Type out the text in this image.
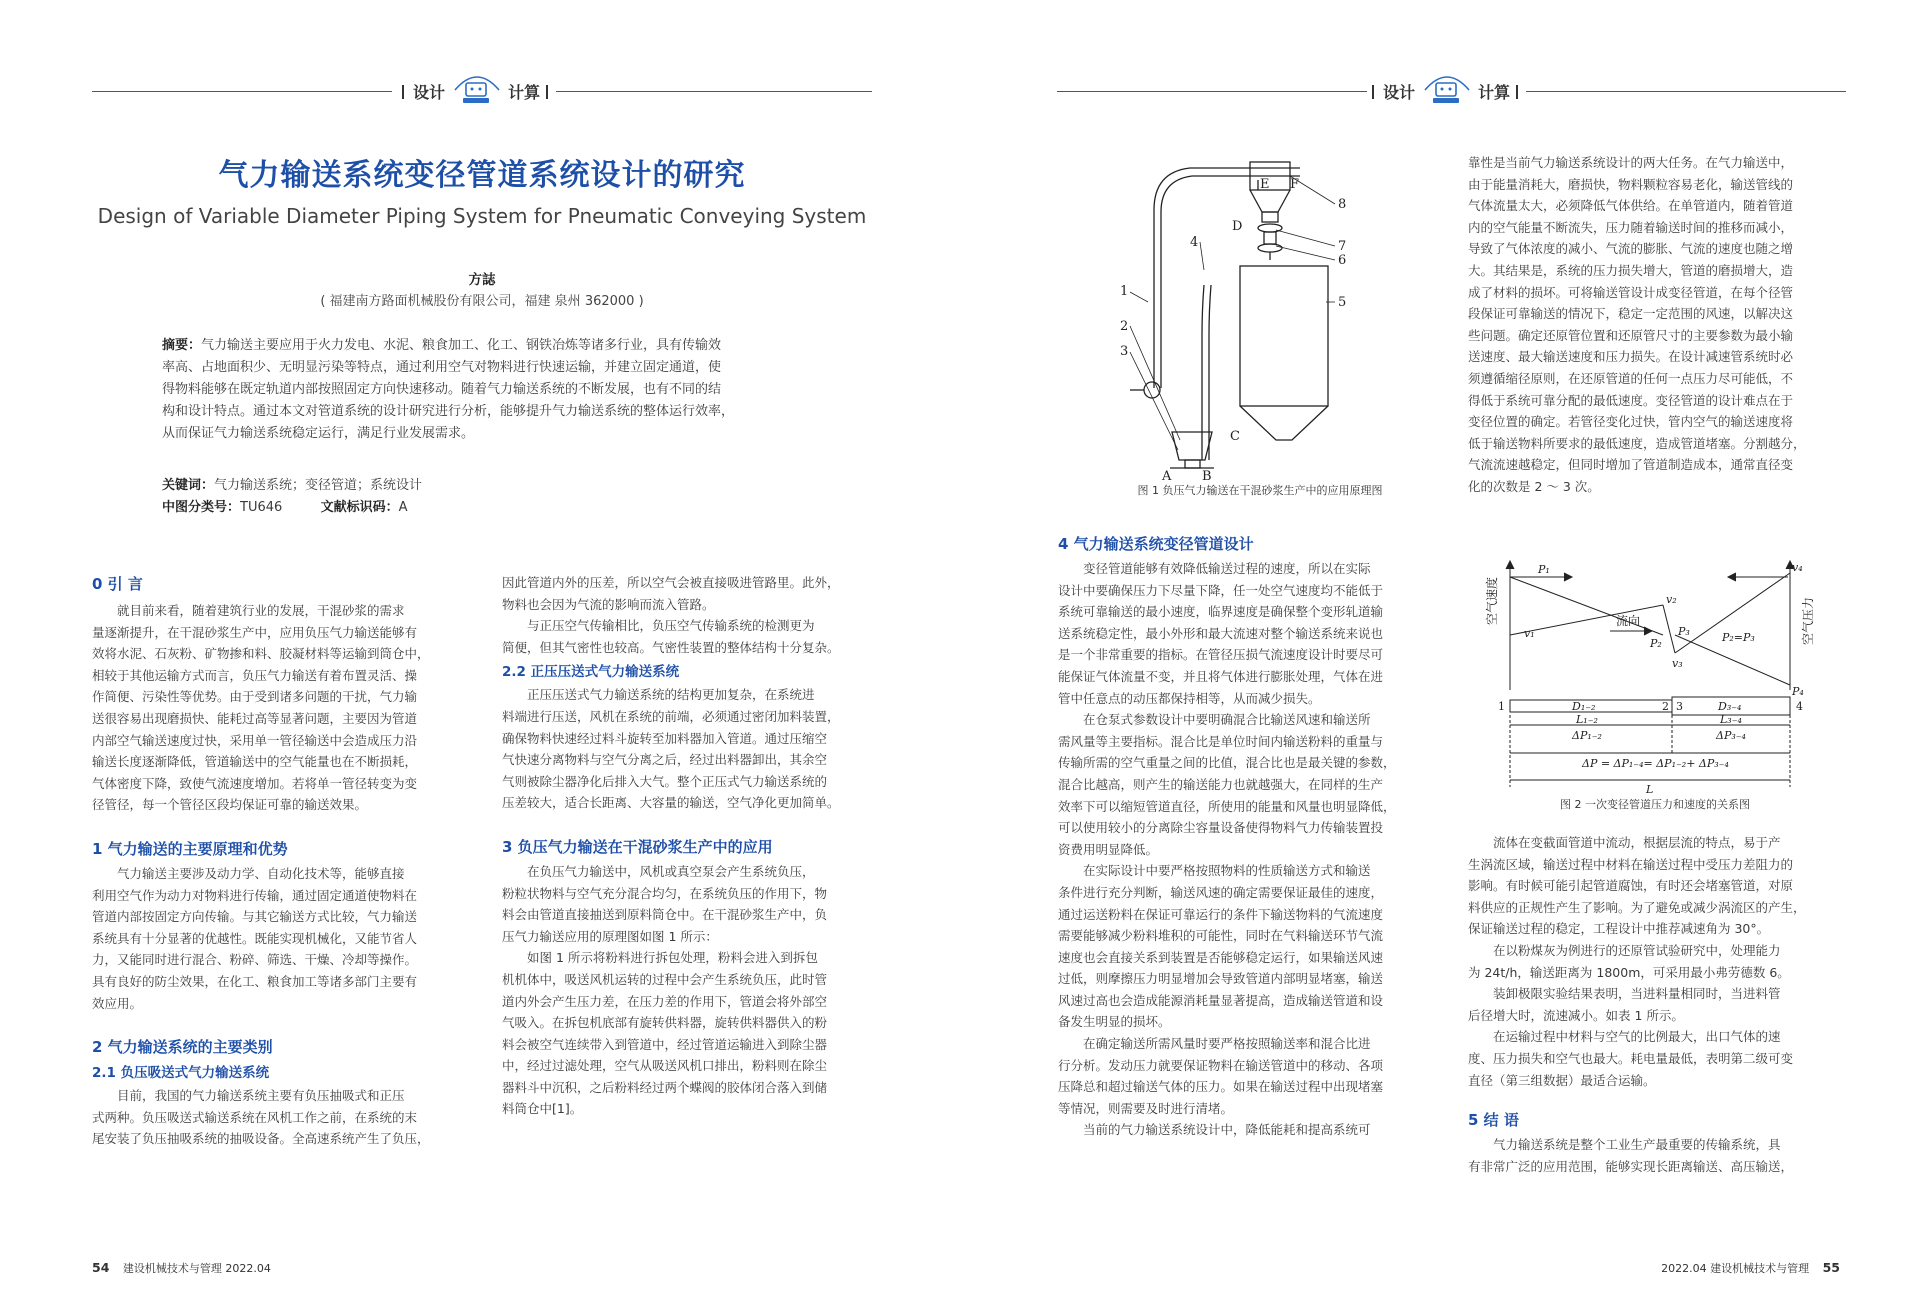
设计	计算	设计	计算
气力输送系统变径管道系统设计的研究
Design of Variable Diameter Piping System for Pneumatic Conveying System
方誌
( 福建南方路面机械股份有限公司，福建 泉州 362000 )
摘要：气力输送主要应用于火力发电、水泥、粮食加工、化工、钢铁冶炼等诸多行业，具有传输效
率高、占地面积少、无明显污染等特点，通过利用空气对物料进行快速运输，并建立固定通道，使
得物料能够在既定轨道内部按照固定方向快速移动。随着气力输送系统的不断发展，也有不同的结
构和设计特点。通过本文对管道系统的设计研究进行分析，能够提升气力输送系统的整体运行效率，
从而保证气力输送系统稳定运行，满足行业发展需求。
关键词：气力输送系统；变径管道；系统设计
中图分类号：TU646	文献标识码：A
0 引 言

就目前来看，随着建筑行业的发展，干混砂浆的需求

量逐渐提升，在干混砂浆生产中，应用负压气力输送能够有
效将水泥、石灰粉、矿物掺和料、胶凝材料等运输到筒仓中，
相较于其他运输方式而言，负压气力输送有着布置灵活、操
作简便、污染性等优势。由于受到诸多问题的干扰，气力输
送很容易出现磨损快、能耗过高等显著问题，主要因为管道
内部空气输送速度过快，采用单一管径输送中会造成压力沿
输送长度逐渐降低，管道输送中的空气能量也在不断损耗，
气体密度下降，致使气流速度增加。若将单一管径转变为变
径管径，每一个管径区段均保证可靠的输送效果。
1 气力输送的主要原理和优势

气力输送主要涉及动力学、自动化技术等，能够直接

利用空气作为动力对物料进行传输，通过固定通道使物料在
管道内部按固定方向传输。与其它输送方式比较，气力输送
系统具有十分显著的优越性。既能实现机械化，又能节省人
力，又能同时进行混合、粉碎、筛选、干燥、冷却等操作。
具有良好的防尘效果，在化工、粮食加工等诸多部门主要有
效应用。
2 气力输送系统的主要类别
2.1 负压吸送式气力输送系统

目前，我国的气力输送系统主要有负压抽吸式和正压

式两种。负压吸送式输送系统在风机工作之前，在系统的末
尾安装了负压抽吸系统的抽吸设备。全高速系统产生了负压，
因此管道内外的压差，所以空气会被直接吸进管路里。此外，
物料也会因为气流的影响而流入管路。

与正压空气传输相比，负压空气传输系统的检测更为

简便，但其气密性也较高。气密性装置的整体结构十分复杂。
2.2 正压压送式气力输送系统

正压压送式气力输送系统的结构更加复杂，在系统进

料端进行压送，风机在系统的前端，必须通过密闭加料装置，
确保物料快速经过料斗旋转至加料器加入管道。通过压缩空
气快速分离物料与空气分离之后，经过出料器卸出，其余空
气则被除尘器净化后排入大气。整个正压式气力输送系统的
压差较大，适合长距离、大容量的输送，空气净化更加简单。
3 负压气力输送在干混砂浆生产中的应用

在负压气力输送中，风机或真空泵会产生系统负压，

粉粒状物料与空气充分混合均匀，在系统负压的作用下，物
料会由管道直接抽送到原料筒仓中。在干混砂浆生产中，负
压气力输送应用的原理图如图 1 所示：

如图 1 所示将粉料进行拆包处理，粉料会进入到拆包

机机体中，吸送风机运转的过程中会产生系统负压，此时管
道内外会产生压力差，在压力差的作用下，管道会将外部空
气吸入。在拆包机底部有旋转供料器，旋转供料器供入的粉
料会被空气连续带入到管道中，经过管道运输进入到除尘器
中，经过过滤处理，空气从吸送风机口排出，粉料则在除尘
器料斗中沉积，之后粉料经过两个蝶阀的胶体闭合落入到储
料筒仓中[1]。
1
2
3
4
5
6
7
8
A B
C
D
E F
图 1 负压气力输送在干混砂浆生产中的应用原理图
4 气力输送系统变径管道设计

变径管道能够有效降低输送过程的速度，所以在实际

设计中要确保压力下尽量下降，任一处空气速度均不能低于
系统可靠输送的最小速度，临界速度是确保整个变形轧道输
送系统稳定性，最小外形和最大流速对整个输送系统来说也
是一个非常重要的指标。在管径压损气流速度设计时要尽可
能保证气体流量不变，并且将气体进行膨胀处理，气体在进
管中任意点的动压都保持相等，从而减少损失。

在仓泵式参数设计中要明确混合比输送风速和输送所

需风量等主要指标。混合比是单位时间内输送粉料的重量与
传输所需的空气重量之间的比值，混合比也是最关键的参数，
混合比越高，则产生的输送能力也就越强大，在同样的生产
效率下可以缩短管道直径，所使用的能量和风量也明显降低，
可以使用较小的分离除尘容量设备使得物料气力传输装置投
资费用明显降低。

在实际设计中要严格按照物料的性质输送方式和输送

条件进行充分判断，输送风速的确定需要保证最佳的速度，
通过运送粉料在保证可靠运行的条件下输送物料的气流速度
需要能够减少粉料堆积的可能性，同时在气料输送环节气流
速度也会直接关系到装置是否能够稳定运行，如果输送风速
过低，则摩擦压力明显增加会导致管道内部明显堵塞，输送
风速过高也会造成能源消耗量显著提高，造成输送管道和设
备发生明显的损坏。

在确定输送所需风量时要严格按照输送率和混合比进

行分析。发动压力就要保证物料在输送管道中的移动、各项
压降总和超过输送气体的压力。如果在输送过程中出现堵塞
等情况，则需要及时进行清堵。

当前的气力输送系统设计中，降低能耗和提高系统可

靠性是当前气力输送系统设计的两大任务。在气力输送中，
由于能量消耗大，磨损快，物料颗粒容易老化，输送管线的
气体流量太大，必须降低气体供给。在单管道内，随着管道
内的空气能量不断流失，压力随着输送时间的推移而减小，
导致了气体浓度的减小、气流的膨胀、气流的速度也随之增
大。其结果是，系统的压力损失增大，管道的磨损增大，造
成了材料的损坏。可将输送管设计成变径管道，在每个径管
段保证可靠输送的情况下，稳定一定范围的风速，以解决这
些问题。确定还原管位置和还原管尺寸的主要参数为最小输
送速度、最大输送速度和压力损失。在设计减速管系统时必
须遵循缩径原则，在还原管道的任何一点压力尽可能低，不
得低于系统可靠分配的最低速度。变径管道的设计难点在于
变径位置的确定。若管径变化过快，管内空气的输送速度将
低于输送物料所要求的最低速度，造成管道堵塞。分割越分，
气流流速越稳定，但同时增加了管道制造成本，通常直径变
化的次数是 2 ～ 3 次。
空气速度	空气压力
流向
P₁
P₂
P₃
P₄
P₂=P₃
v₁
v₂
v₃
v₄
1	2 3	4
D₁₋₂	D₃₋₄
L₁₋₂	L₃₋₄
ΔP₁₋₂	ΔP₃₋₄
ΔP = ΔP₁₋₄= ΔP₁₋₂+ ΔP₃₋₄
L
图 2 一次变径管道压力和速度的关系图

流体在变截面管道中流动，根据层流的特点，易于产

生涡流区域，输送过程中材料在输送过程中受压力差阻力的
影响。有时候可能引起管道腐蚀，有时还会堵塞管道，对原
料供应的正规性产生了影响。为了避免或减少涡流区的产生，
保证输送过程的稳定，工程设计中推荐减速角为 30°。

在以粉煤灰为例进行的还原管试验研究中，处理能力

为 24t/h，输送距离为 1800m，可采用最小弗劳德数 6。

装卸极限实验结果表明，当进料量相同时，当进料管

后径增大时，流速减小。如表 1 所示。

在运输过程中材料与空气的比例最大，出口气体的速

度、压力损失和空气也最大。耗电量最低，表明第二级可变
直径（第三组数据）最适合运输。
5 结 语

气力输送系统是整个工业生产最重要的传输系统，具

有非常广泛的应用范围，能够实现长距离输送、高压输送，
54 建设机械技术与管理 2022.04	2022.04 建设机械技术与管理 55
